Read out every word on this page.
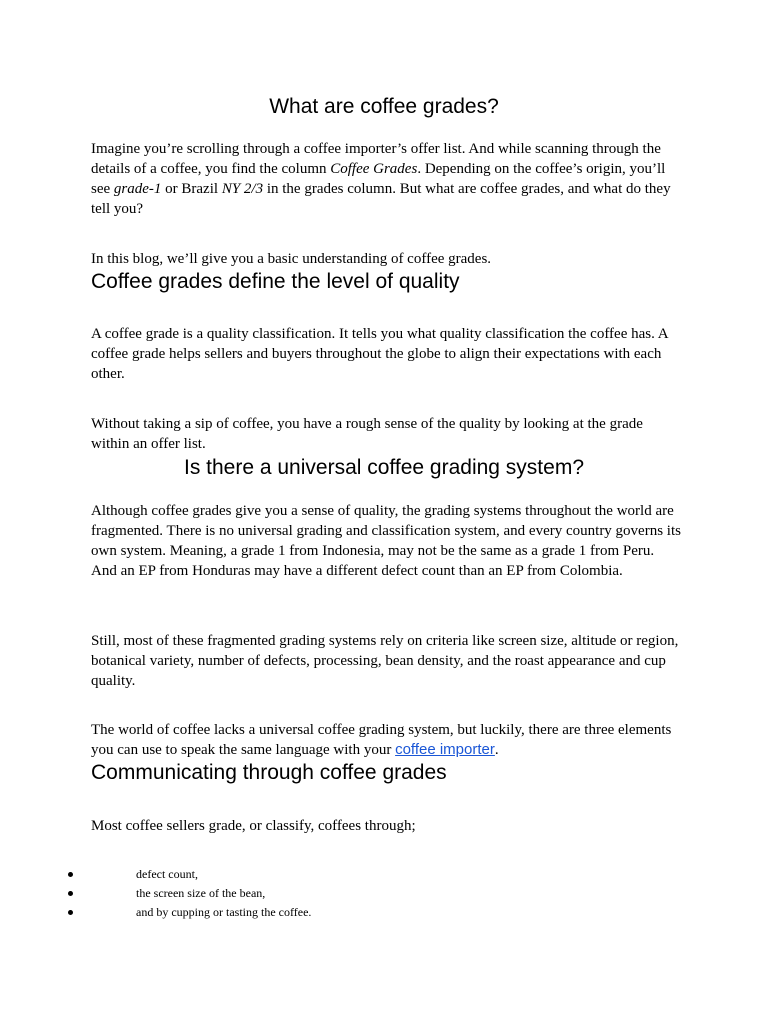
What are coffee grades?

Imagine you’re scrolling through a coffee importer’s offer list. And while scanning through the details of a coffee, you find the column Coffee Grades. Depending on the coffee’s origin, you’ll see grade-1 or Brazil NY 2/3 in the grades column. But what are coffee grades, and what do they tell you?

In this blog, we’ll give you a basic understanding of coffee grades.

Coffee grades define the level of quality

A coffee grade is a quality classification. It tells you what quality classification the coffee has. A coffee grade helps sellers and buyers throughout the globe to align their expectations with each other.

Without taking a sip of coffee, you have a rough sense of the quality by looking at the grade within an offer list.

Is there a universal coffee grading system?

Although coffee grades give you a sense of quality, the grading systems throughout the world are fragmented. There is no universal grading and classification system, and every country governs its own system. Meaning, a grade 1 from Indonesia, may not be the same as a grade 1 from Peru. And an EP from Honduras may have a different defect count than an EP from Colombia.

Still, most of these fragmented grading systems rely on criteria like screen size, altitude or region, botanical variety, number of defects, processing, bean density, and the roast appearance and cup quality.

The world of coffee lacks a universal coffee grading system, but luckily, there are three elements you can use to speak the same language with your coffee importer.

Communicating through coffee grades

Most coffee sellers grade, or classify, coffees through;

defect count,
the screen size of the bean,
and by cupping or tasting the coffee.
